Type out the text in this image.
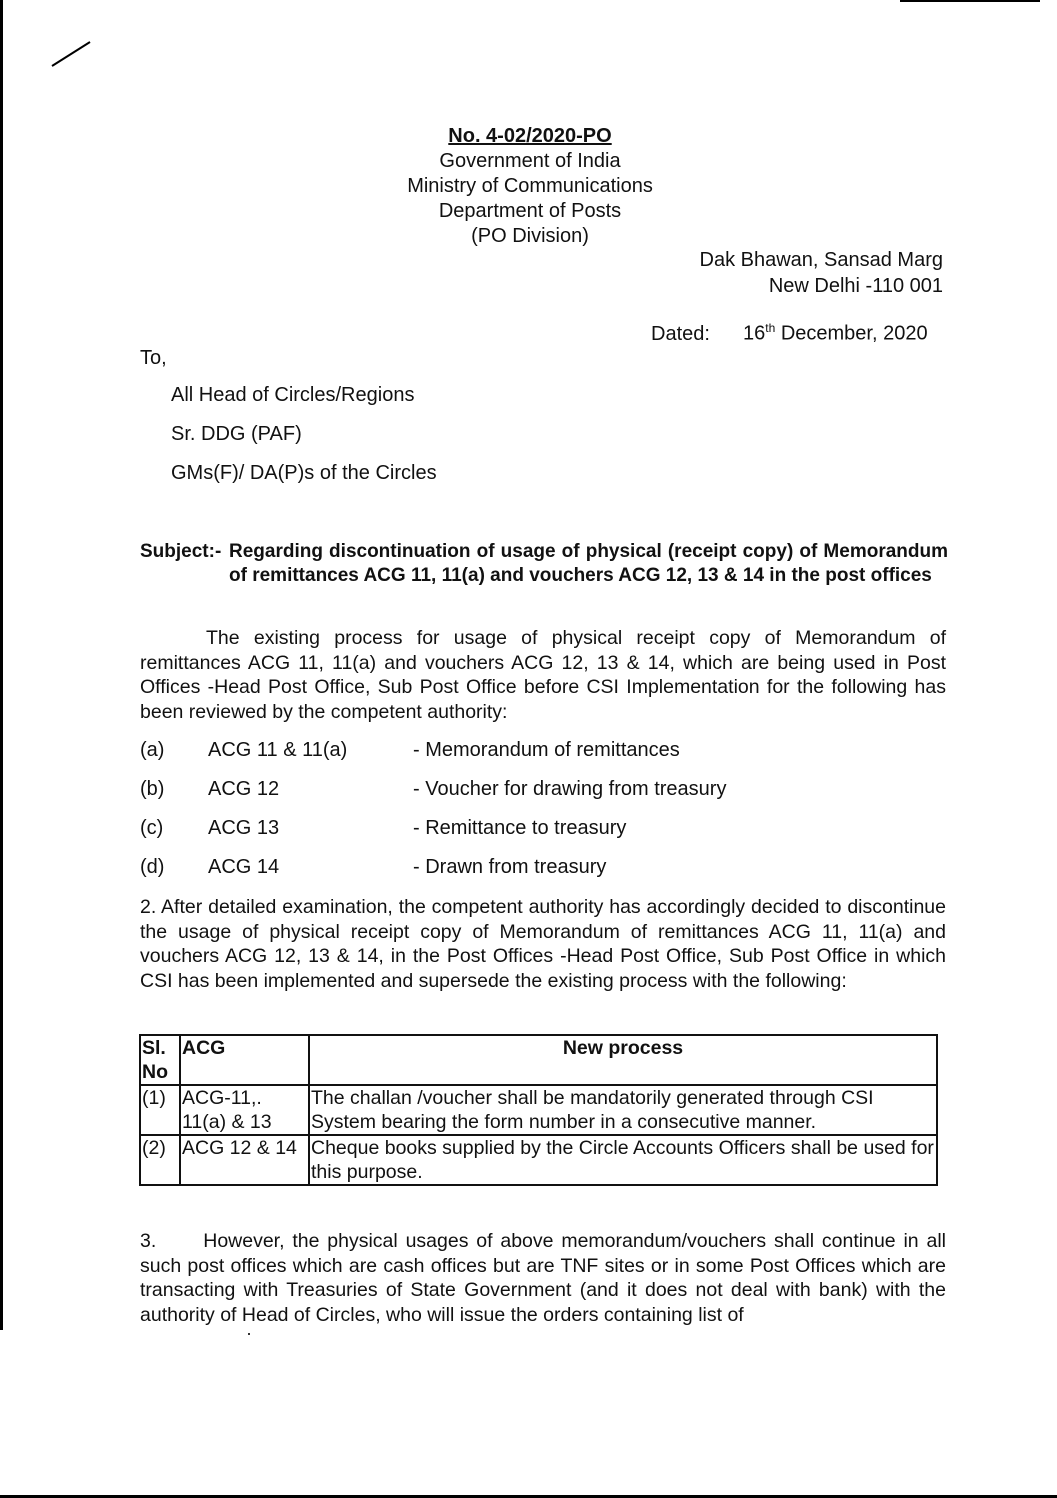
No. 4-02/2020-PO
Government of India
Ministry of Communications
Department of Posts
(PO Division)
Dak Bhawan, Sansad Marg
New Delhi -110 001
Dated: 16th December, 2020
To,
All Head of Circles/Regions
Sr. DDG (PAF)
GMs(F)/ DA(P)s of the Circles
Subject:- Regarding discontinuation of usage of physical (receipt copy) of Memorandum of remittances ACG 11, 11(a) and vouchers ACG 12, 13 & 14 in the post offices
The existing process for usage of physical receipt copy of Memorandum of remittances ACG 11, 11(a) and vouchers ACG 12, 13 & 14, which are being used in Post Offices -Head Post Office, Sub Post Office before CSI Implementation for the following has been reviewed by the competent authority:
(a) ACG 11 & 11(a)	- Memorandum of remittances
(b) ACG 12	- Voucher for drawing from treasury
(c) ACG 13	- Remittance to treasury
(d) ACG 14	- Drawn from treasury
2. After detailed examination, the competent authority has accordingly decided to discontinue the usage of physical receipt copy of Memorandum of remittances ACG 11, 11(a) and vouchers ACG 12, 13 & 14, in the Post Offices -Head Post Office, Sub Post Office in which CSI has been implemented and supersede the existing process with the following:
Sl. No	ACG	New process
(1)	ACG-11,. 11(a) & 13	The challan /voucher shall be mandatorily generated through CSI System bearing the form number in a consecutive manner.
(2)	ACG 12 & 14	Cheque books supplied by the Circle Accounts Officers shall be used for this purpose.
3.      However, the physical usages of above memorandum/vouchers shall continue in all such post offices which are cash offices but are TNF sites or in some Post Offices which are transacting with Treasuries of State Government (and it does not deal with bank) with the authority of Head of Circles, who will issue the orders containing list of
